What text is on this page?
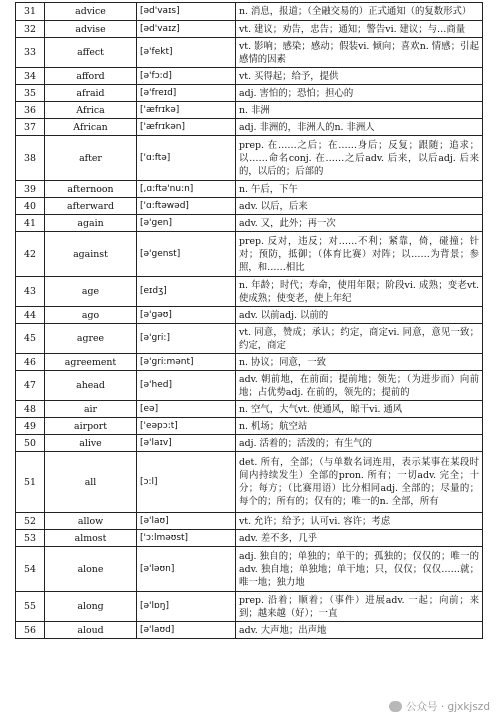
31	advice	[əd'vaɪs]	n. 消息，报道；（全融交易的）正式通知（的复数形式）
32	advise	[əd'vaɪz]	vt. 建议；劝告，忠告；通知；警告vi. 建议；与…商量
33	affect	[ə'fekt]	vt. 影响；感染；感动；假装vi. 倾向；喜欢n. 情感；引起感情的因素
34	afford	[ə'fɔ:d]	vt. 买得起；给予，提供
35	afraid	[ə'freɪd]	adj. 害怕的；恐怕；担心的
36	Africa	['æfrɪkə]	n. 非洲
37	African	['æfrɪkən]	adj. 非洲的，非洲人的n. 非洲人
38	after	['ɑ:ftə]	prep. 在……之后；在……身后；反复；跟随；追求；以……命名conj. 在……之后adv. 后来，以后adj. 后来的，以后的；后部的
39	afternoon	[,ɑ:ftə'nu:n]	n. 午后，下午
40	afterward	['ɑ:ftəwəd]	adv. 以后，后来
41	again	[ə'gen]	adv. 又，此外；再一次
42	against	[ə'genst]	prep. 反对，违反；对……不利；紧靠，倚，碰撞；针对；预防，抵御；（体育比赛）对阵；以……为背景；参照，和……相比
43	age	[eɪdʒ]	n. 年龄；时代；寿命，使用年限；阶段vi. 成熟；变老vt. 使成熟；使变老，使上年纪
44	ago	[ə'gəʊ]	adv. 以前adj. 以前的
45	agree	[ə'gri:]	vt. 同意，赞成；承认；约定，商定vi. 同意，意见一致；约定，商定
46	agreement	[ə'gri:mənt]	n. 协议；同意，一致
47	ahead	[ə'hed]	adv. 朝前地，在前面；提前地；领先；（为进步而）向前地；占优势adj. 在前的，领先的；提前的
48	air	[eə]	n. 空气，大气vt. 使通风，晾干vi. 通风
49	airport	['eəpɔ:t]	n. 机场；航空站
50	alive	[ə'laɪv]	adj. 活着的；活泼的；有生气的
51	all	[ɔ:l]	det. 所有，全部；（与单数名词连用，表示某事在某段时间内持续发生）全部的pron. 所有；一切adv. 完全；十分；每方；（比赛用语）比分相同adj. 全部的；尽量的；每个的；所有的；仅有的；唯一的n. 全部，所有
52	allow	[ə'laʊ]	vt. 允许；给予；认可vi. 容许；考虑
53	almost	['ɔ:lməʊst]	adv. 差不多，几乎
54	alone	[ə'ləʊn]	adj. 独自的；单独的；单干的；孤独的；仅仅的；唯一的adv. 独自地；单独地；单干地；只，仅仅；仅仅……就；唯一地；独力地
55	along	[ə'lɒŋ]	prep. 沿着；顺着；（事件）进展adv. 一起；向前；来到；越来越（好）；一直
56	aloud	[ə'laʊd]	adv. 大声地；出声地
公众号 · gjxkjszd
